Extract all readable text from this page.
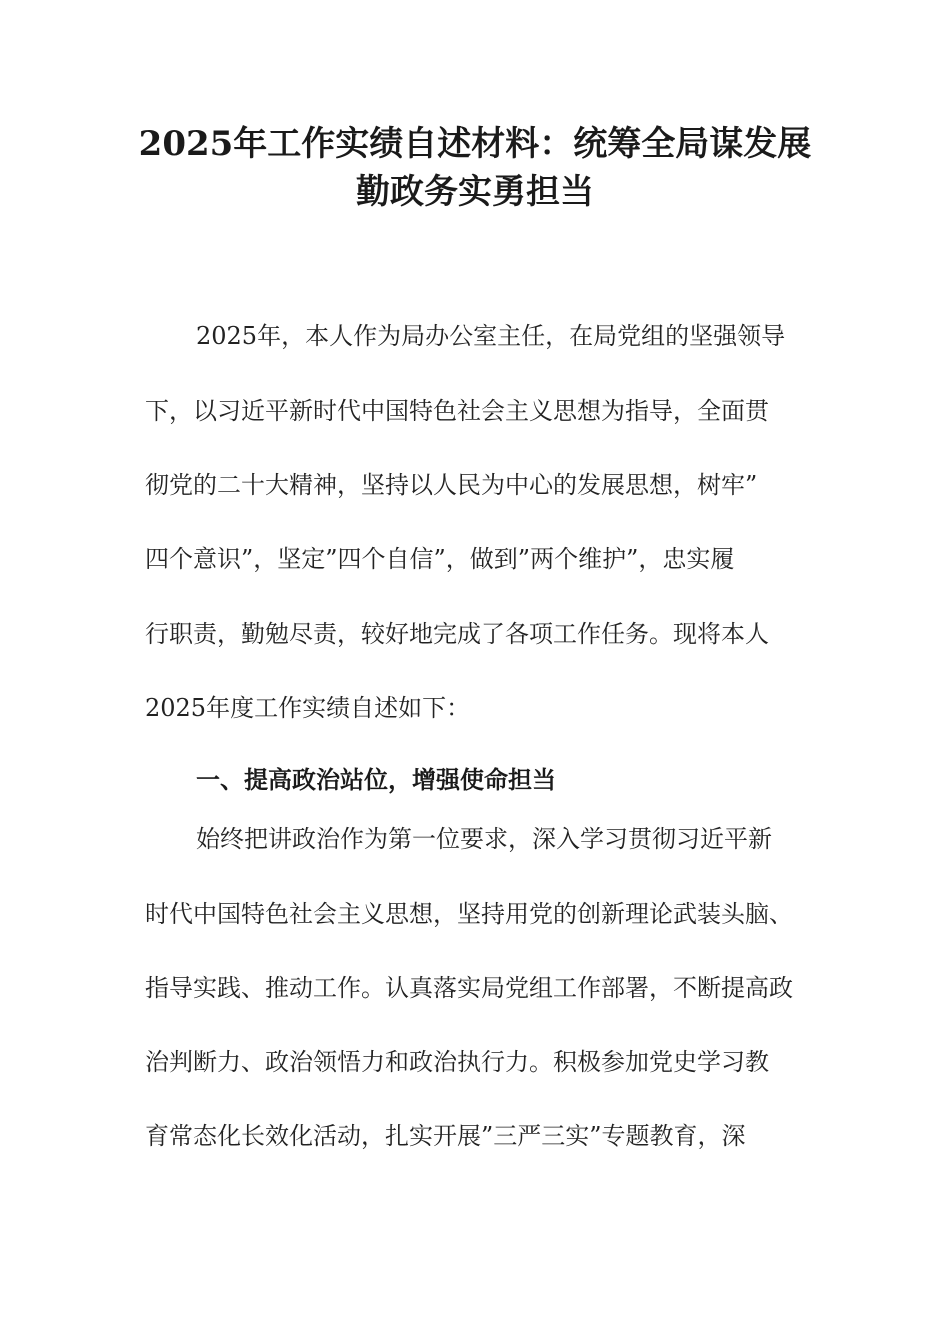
2025年工作实绩自述材料：统筹全局谋发展
勤政务实勇担当
2025年，本人作为局办公室主任，在局党组的坚强领导
下，以习近平新时代中国特色社会主义思想为指导，全面贯
彻党的二十大精神，坚持以人民为中心的发展思想，树牢”
四个意识”，坚定”四个自信”，做到”两个维护”，忠实履
行职责，勤勉尽责，较好地完成了各项工作任务。现将本人
2025年度工作实绩自述如下：
一、提高政治站位，增强使命担当
始终把讲政治作为第一位要求，深入学习贯彻习近平新
时代中国特色社会主义思想，坚持用党的创新理论武装头脑、
指导实践、推动工作。认真落实局党组工作部署，不断提高政
治判断力、政治领悟力和政治执行力。积极参加党史学习教
育常态化长效化活动，扎实开展”三严三实”专题教育，深
